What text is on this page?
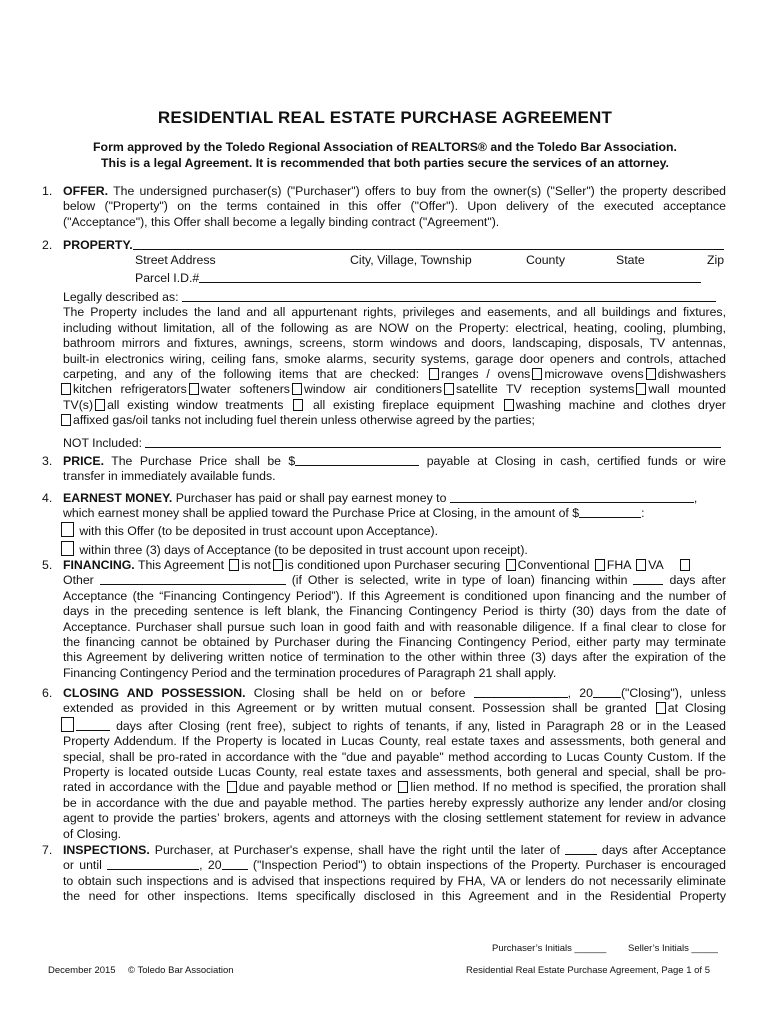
RESIDENTIAL REAL ESTATE PURCHASE AGREEMENT
Form approved by the Toledo Regional Association of REALTORS® and the Toledo Bar Association.
This is a legal Agreement. It is recommended that both parties secure the services of an attorney.
1. OFFER. The undersigned purchaser(s) ("Purchaser") offers to buy from the owner(s) ("Seller") the property described
below ("Property") on the terms contained in this offer ("Offer"). Upon delivery of the executed acceptance
("Acceptance"), this Offer shall become a legally binding contract ("Agreement").
2. PROPERTY.
Street Address	City, Village, Township	County	State	Zip
Parcel I.D.#
Legally described as:
The Property includes the land and all appurtenant rights, privileges and easements, and all buildings and fixtures,
including without limitation, all of the following as are NOW on the Property: electrical, heating, cooling, plumbing,
bathroom mirrors and fixtures, awnings, screens, storm windows and doors, landscaping, disposals, TV antennas,
built-in electronics wiring, ceiling fans, smoke alarms, security systems, garage door openers and controls, attached
carpeting, and any of the following items that are checked: ranges / ovens microwave ovens dishwashers
kitchen refrigerators water softeners window air conditioners satellite TV reception systems wall mounted
TV(s) all existing window treatments all existing fireplace equipment washing machine and clothes dryer
affixed gas/oil tanks not including fuel therein unless otherwise agreed by the parties;
NOT Included:
3. PRICE. The Purchase Price shall be $	payable at Closing in cash, certified funds or wire
transfer in immediately available funds.
4. EARNEST MONEY. Purchaser has paid or shall pay earnest money to	,
which earnest money shall be applied toward the Purchase Price at Closing, in the amount of $	:
with this Offer (to be deposited in trust account upon Acceptance).
within three (3) days of Acceptance (to be deposited in trust account upon receipt).
5. FINANCING. This Agreement is not is conditioned upon Purchaser securing Conventional FHA VA
Other	(if Other is selected, write in type of loan) financing within	days after
Acceptance (the “Financing Contingency Period”). If this Agreement is conditioned upon financing and the number of
days in the preceding sentence is left blank, the Financing Contingency Period is thirty (30) days from the date of
Acceptance. Purchaser shall pursue such loan in good faith and with reasonable diligence. If a final clear to close for
the financing cannot be obtained by Purchaser during the Financing Contingency Period, either party may terminate
this Agreement by delivering written notice of termination to the other within three (3) days after the expiration of the
Financing Contingency Period and the termination procedures of Paragraph 21 shall apply.
6. CLOSING AND POSSESSION. Closing shall be held on or before	, 20 ("Closing"), unless
extended as provided in this Agreement or by written mutual consent. Possession shall be granted at Closing
days after Closing (rent free), subject to rights of tenants, if any, listed in Paragraph 28 or in the Leased
Property Addendum. If the Property is located in Lucas County, real estate taxes and assessments, both general and
special, shall be pro-rated in accordance with the "due and payable" method according to Lucas County Custom. If the
Property is located outside Lucas County, real estate taxes and assessments, both general and special, shall be pro-
rated in accordance with the due and payable method or lien method. If no method is specified, the proration shall
be in accordance with the due and payable method. The parties hereby expressly authorize any lender and/or closing
agent to provide the parties’ brokers, agents and attorneys with the closing settlement statement for review in advance
of Closing.
7. INSPECTIONS. Purchaser, at Purchaser's expense, shall have the right until the later of	days after Acceptance
or until	, 20	("Inspection Period") to obtain inspections of the Property. Purchaser is encouraged
to obtain such inspections and is advised that inspections required by FHA, VA or lenders do not necessarily eliminate
the need for other inspections. Items specifically disclosed in this Agreement and in the Residential Property
Purchaser’s Initials ______ Seller’s Initials _____
December 2015 © Toledo Bar Association	Residential Real Estate Purchase Agreement, Page 1 of 5
